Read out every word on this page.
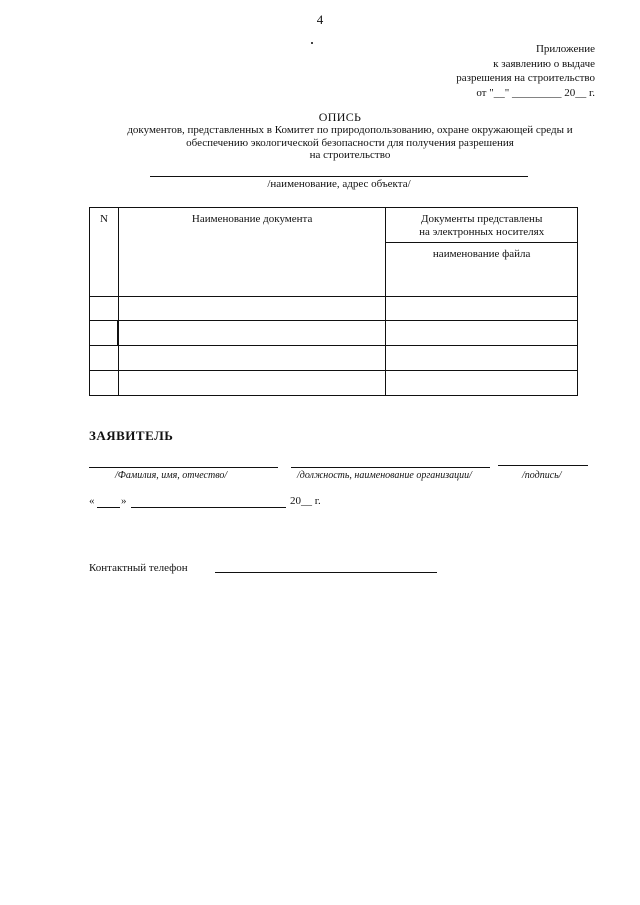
4
Приложение
к заявлению о выдаче
разрешения на строительство
от "__" _________ 20__ г.
ОПИСЬ
документов, представленных в Комитет по природопользованию, охране окружающей среды и
обеспечению экологической безопасности для получения разрешения
на строительство
/наименование, адрес объекта/
N	Наименование документа	Документы представлены
на электронных носителях

		наименование файла

ЗАЯВИТЕЛЬ
/Фамилия, имя, отчество/	/должность, наименование организации/	/подпись/
« »	20__ г.
Контактный телефон
